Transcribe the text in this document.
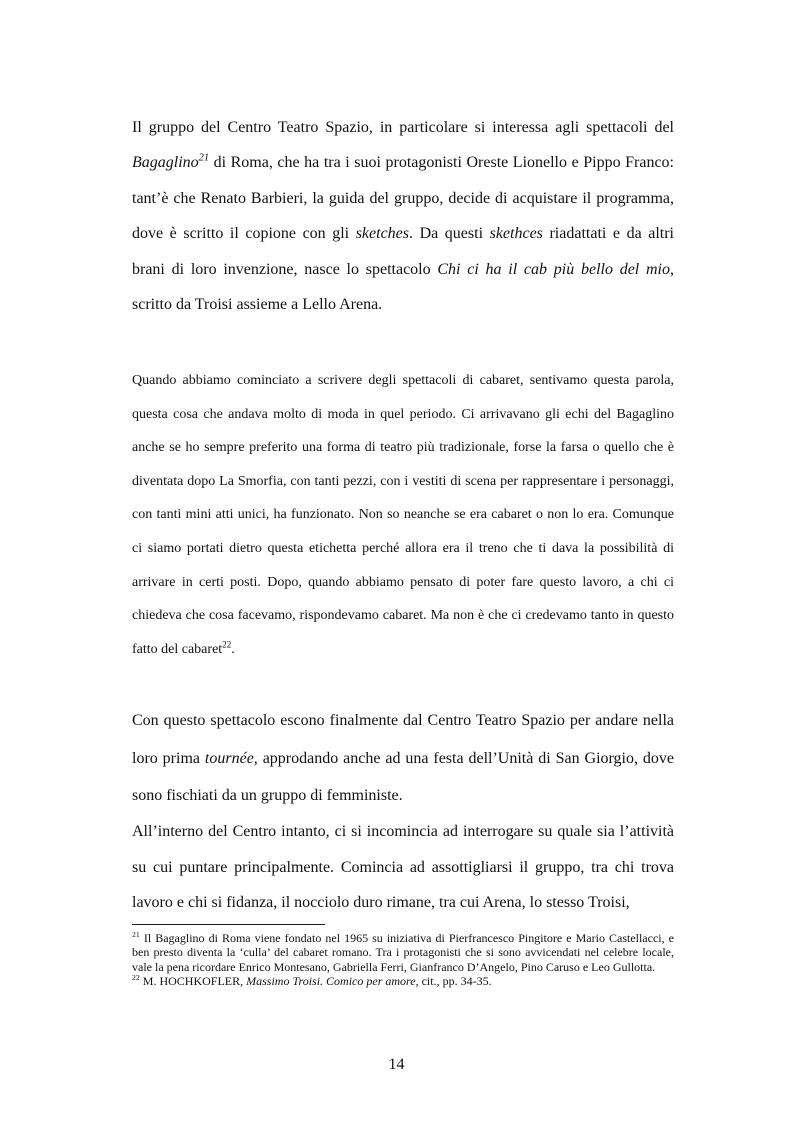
Il gruppo del Centro Teatro Spazio, in particolare si interessa agli spettacoli del Bagaglino$^{21}$ di Roma, che ha tra i suoi protagonisti Oreste Lionello e Pippo Franco: tant’è che Renato Barbieri, la guida del gruppo, decide di acquistare il programma, dove è scritto il copione con gli sketches. Da questi skethces riadattati e da altri brani di loro invenzione, nasce lo spettacolo Chi ci ha il cab più bello del mio, scritto da Troisi assieme a Lello Arena.

Quando abbiamo cominciato a scrivere degli spettacoli di cabaret, sentivamo questa parola, questa cosa che andava molto di moda in quel periodo. Ci arrivavano gli echi del Bagaglino anche se ho sempre preferito una forma di teatro più tradizionale, forse la farsa o quello che è diventata dopo La Smorfia, con tanti pezzi, con i vestiti di scena per rappresentare i personaggi, con tanti mini atti unici, ha funzionato. Non so neanche se era cabaret o non lo era. Comunque ci siamo portati dietro questa etichetta perché allora era il treno che ti dava la possibilità di arrivare in certi posti. Dopo, quando abbiamo pensato di poter fare questo lavoro, a chi ci chiedeva che cosa facevamo, rispondevamo cabaret. Ma non è che ci credevamo tanto in questo fatto del cabaret$^{22}$.

Con questo spettacolo escono finalmente dal Centro Teatro Spazio per andare nella loro prima tournée, approdando anche ad una festa dell’Unità di San Giorgio, dove sono fischiati da un gruppo di femministe.

All’interno del Centro intanto, ci si incomincia ad interrogare su quale sia l’attività su cui puntare principalmente. Comincia ad assottigliarsi il gruppo, tra chi trova lavoro e chi si fidanza, il nocciolo duro rimane, tra cui Arena, lo stesso Troisi,

$^{21}$ Il Bagaglino di Roma viene fondato nel 1965 su iniziativa di Pierfrancesco Pingitore e Mario Castellacci, e ben presto diventa la ‘culla’ del cabaret romano. Tra i protagonisti che si sono avvicendati nel celebre locale, vale la pena ricordare Enrico Montesano, Gabriella Ferri, Gianfranco D’Angelo, Pino Caruso e Leo Gullotta.

$^{22}$ M. HOCHKOFLER, Massimo Troisi. Comico per amore, cit., pp. 34-35.

14
